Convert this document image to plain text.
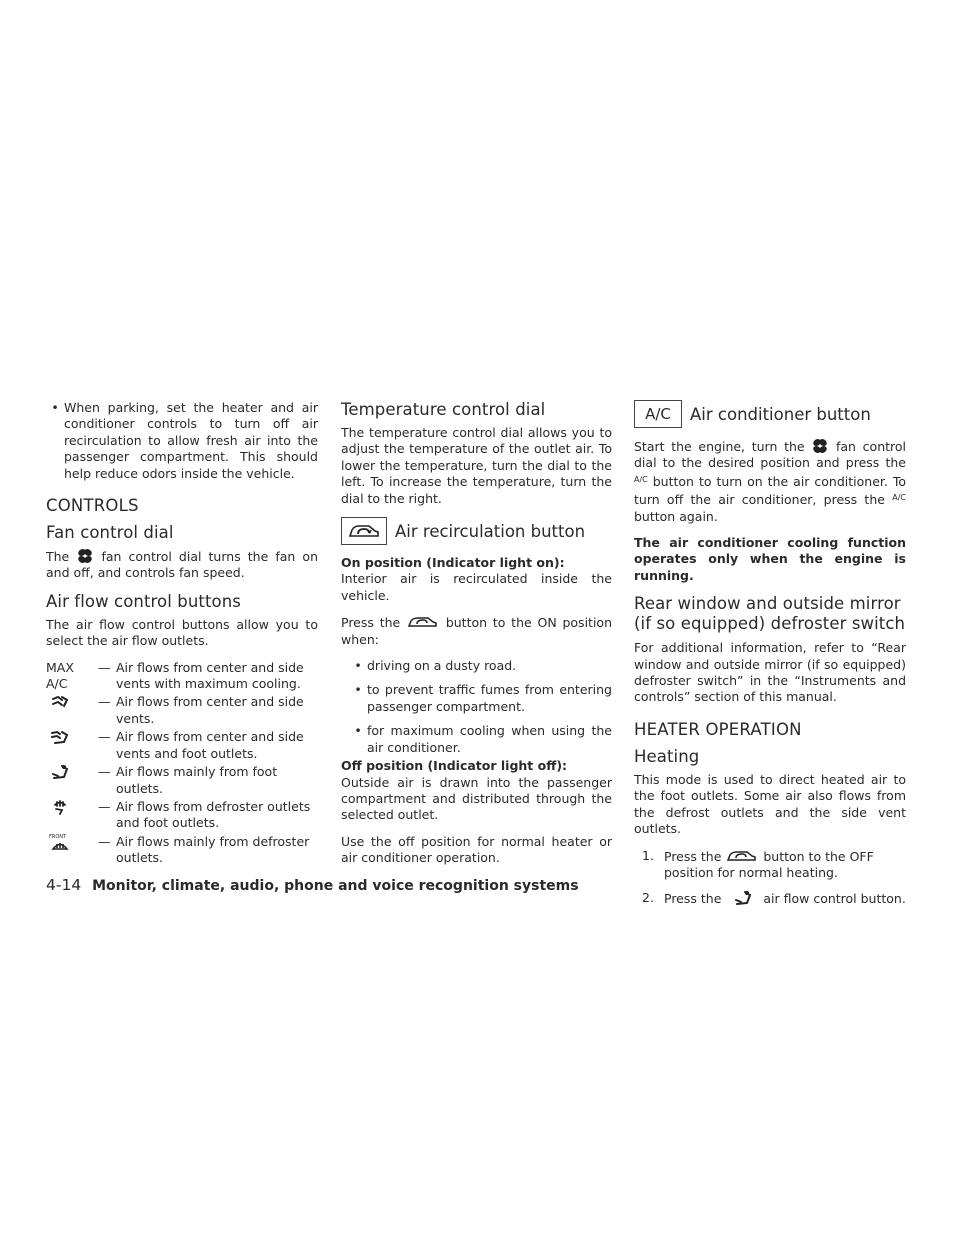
• When parking, set the heater and air conditioner controls to turn off air recirculation to allow fresh air into the passenger compartment. This should help reduce odors inside the vehicle.
CONTROLS
Fan control dial

The	fan control dial turns the fan on and off, and controls fan speed.

Air flow control buttons

The air flow control buttons allow you to select the air flow outlets.

MAX
A/C
— Air flows from center and side vents with maximum cooling.
— Air flows from center and side vents.
— Air flows from center and side vents and foot outlets.
— Air flows mainly from foot outlets.
— Air flows from defroster outlets and foot outlets.
FRONT	— Air flows mainly from defroster outlets.
Temperature control dial

The temperature control dial allows you to adjust the temperature of the outlet air. To lower the temperature, turn the dial to the left. To increase the temperature, turn the dial to the right.

Air recirculation button

On position (Indicator light on):

Interior air is recirculated inside the vehicle.

Press the	button to the ON position when:

• driving on a dusty road.
• to prevent traffic fumes from entering passenger compartment.
• for maximum cooling when using the air conditioner.

Off position (Indicator light off):

Outside air is drawn into the passenger compartment and distributed through the selected outlet.

Use the off position for normal heater or air conditioner operation.

A/C Air conditioner button

Start the engine, turn the	fan control dial to the desired position and press the $^{A/C}$ button to turn on the air conditioner. To turn off the air conditioner, press the $^{A/C}$ button again.

The air conditioner cooling function operates only when the engine is running.

Rear window and outside mirror (if so equipped) defroster switch

For additional information, refer to “Rear window and outside mirror (if so equipped) defroster switch” in the “Instruments and controls” section of this manual.

HEATER OPERATION
Heating

This mode is used to direct heated air to the foot outlets. Some air also flows from the defrost outlets and the side vent outlets.

1. Press the	button to the OFF position for normal heating.
2. Press the	air flow control button.
4-14 Monitor, climate, audio, phone and voice recognition systems
